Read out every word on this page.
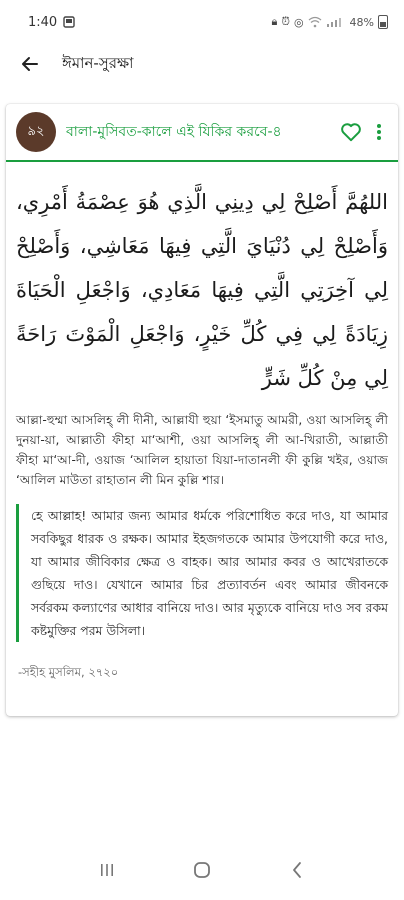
1:40	🔒︎ ⏰︎ ◎	48%
ঈমান-সুরক্ষা
৯২	বালা-মুসিবত-কালে এই যিকির করবে-৪
اللهُمَّ أَصْلِحْ لِي دِينِي الَّذِي هُوَ عِصْمَةُ أَمْرِي، وَأَصْلِحْ لِي دُنْيَايَ الَّتِي فِيهَا مَعَاشِي، وَأَصْلِحْ لِي آخِرَتِي الَّتِي فِيهَا مَعَادِي، وَاجْعَلِ الْحَيَاةَ زِيَادَةً لِي فِي كُلِّ خَيْرٍ، وَاجْعَلِ الْمَوْتَ رَاحَةً لِي مِنْ كُلِّ شَرٍّ
আল্লা-হুম্মা আসলিহ্ লী দীনী, আল্লাযী হুয়া ‘ইসমাতু আমরী, ওয়া আসলিহ্ লী দুনয়া-য়া, আল্লাতী ফীহা মা‘আশী, ওয়া আসলিহ্ লী আ-খিরাতী, আল্লাতী ফীহা মা‘আ-দী, ওয়াজ ‘আলিল হায়াতা যিয়া-দাতানলী ফী কুল্লি খইর, ওয়াজ ‘আলিল মাউতা রাহাতান লী মিন কুল্লি শার।
হে আল্লাহ! আমার জন্য আমার ধর্মকে পরিশোধিত করে দাও, যা আমার সবকিছুর ধারক ও রক্ষক। আমার ইহজগতকে আমার উপযোগী করে দাও, যা আমার জীবিকার ক্ষেত্র ও বাহক। আর আমার কবর ও আখেরাতকে গুছিয়ে দাও। যেখানে আমার চির প্রত্যাবর্তন এবং আমার জীবনকে সর্বরকম কল্যাণের আধার বানিয়ে দাও। আর মৃত্যুকে বানিয়ে দাও সব রকম কষ্টমুক্তির পরম উসিলা।
-সহীহ মুসলিম, ২৭২০
